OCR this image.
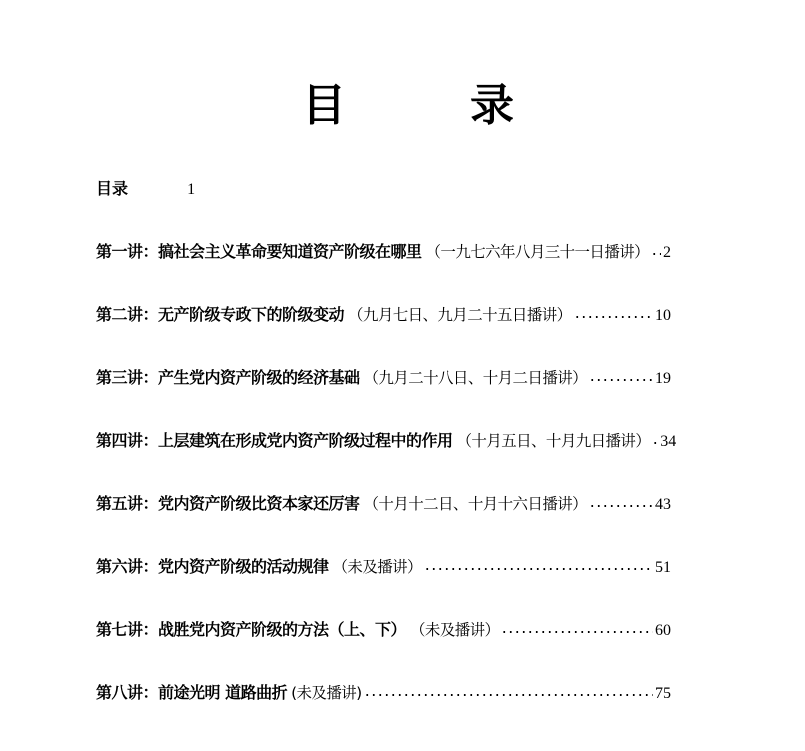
目	录
目录	1
第一讲：搞社会主义革命要知道资产阶级在哪里 （一九七六年八月三十一日播讲） 2
第二讲：无产阶级专政下的阶级变动 （九月七日、九月二十五日播讲）	10
第三讲：产生党内资产阶级的经济基础 （九月二十八日、十月二日播讲）	19
第四讲：上层建筑在形成党内资产阶级过程中的作用 （十月五日、十月九日播讲） 34
第五讲：党内资产阶级比资本家还厉害 （十月十二日、十月十六日播讲）	43
第六讲：党内资产阶级的活动规律 （未及播讲）	51
第七讲：战胜党内资产阶级的方法（上、下） （未及播讲）	60
第八讲：前途光明 道路曲折 (未及播讲)	75
